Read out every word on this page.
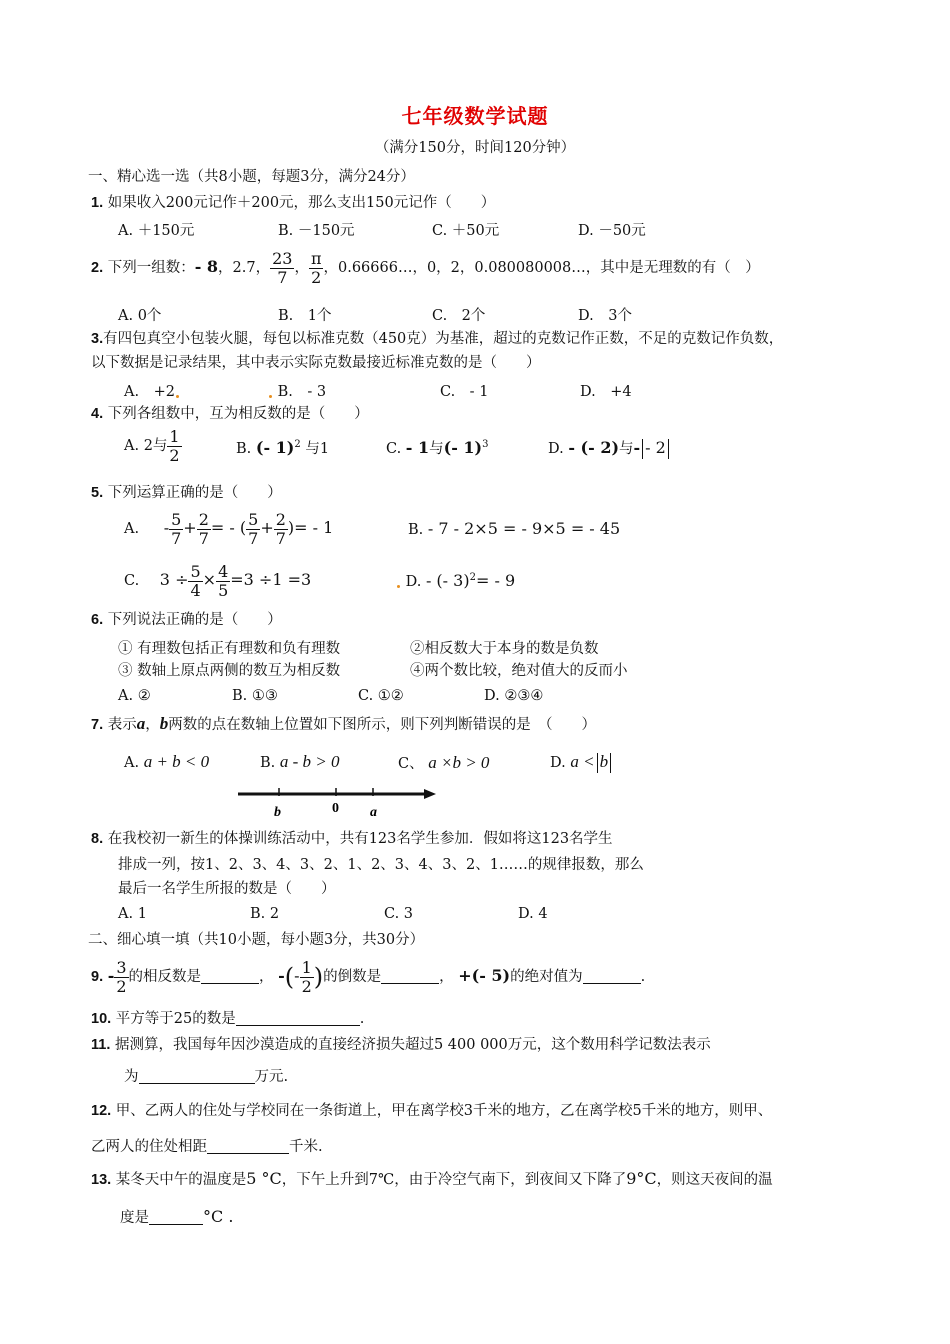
七年级数学试题
（满分150分，时间120分钟）
一、精心选一选（共8小题，每题3分，满分24分）
1. 如果收入200元记作＋200元，那么支出150元记作（　　）
A. ＋150元	B. －150元	C. ＋50元	D. －50元
2. 下列一组数：- 8，2.7， $\frac{23}{7}$ ， $\frac{\pi}{2}$ ，0.66666…，0，2，0.080080008…，其中是无理数的有（　）
A. 0个	B.　1个	C.　2个	D.　3个
3.有四包真空小包装火腿，每包以标准克数（450克）为基准，超过的克数记作正数，不足的克数记作负数，
以下数据是记录结果，其中表示实际克数最接近标准克数的是（　　）
A.　+2	B.　- 3	C.　- 1	D.　+4
4. 下列各组数中，互为相反数的是（　　）
A. 2与 $\frac{1}{2}$	B. (- 1)$^2$ 与1	C. - 1与(- 1)$^3$	D. - (- 2)与- - 2
5. 下列运算正确的是（　　）
A. - $\frac{5}{7} + \frac{2}{7}$ = - ( $\frac{5}{7} + \frac{2}{7}$ )= - 1	B. - 7 - 2×5 = - 9×5 = - 45
C. $3 \div \frac{5}{4} \times \frac{4}{5} =3 \div 1 =3$	D. - (- 3)$^2$= - 9
6. 下列说法正确的是（　　）
① 有理数包括正有理数和负有理数	②相反数大于本身的数是负数
③ 数轴上原点两侧的数互为相反数	④两个数比较，绝对值大的反而小
A. ②	B. ①③	C. ①②	D. ②③④
7. 表示a，b两数的点在数轴上位置如下图所示，则下列判断错误的是　（　　）
A. a + b < 0	B. a - b > 0	C、 a ×b > 0	D. a < b
b	0 a
8. 在我校初一新生的体操训练活动中，共有123名学生参加．假如将这123名学生
排成一列，按1、2、3、4、3、2、1、2、3、4、3、2、1……的规律报数，那么
最后一名学生所报的数是（　　）
A. 1	B. 2	C. 3	D. 4
二、细心填一填（共10小题，每小题3分，共30分）
9. - $\frac{3}{2}$ 的相反数是	， -(- $\frac{1}{2}$ )的倒数是	， +(- 5)的绝对值为	.
10. 平方等于25的数是	.
11. 据测算，我国每年因沙漠造成的直接经济损失超过5 400 000万元，这个数用科学记数法表示
为	万元.
12. 甲、乙两人的住处与学校同在一条街道上，甲在离学校3千米的地方，乙在离学校5千米的地方，则甲、
乙两人的住处相距	千米.
13. 某冬天中午的温度是5 °C，下午上升到7℃，由于冷空气南下，到夜间又下降了9°C，则这天夜间的温
度是	°C .
